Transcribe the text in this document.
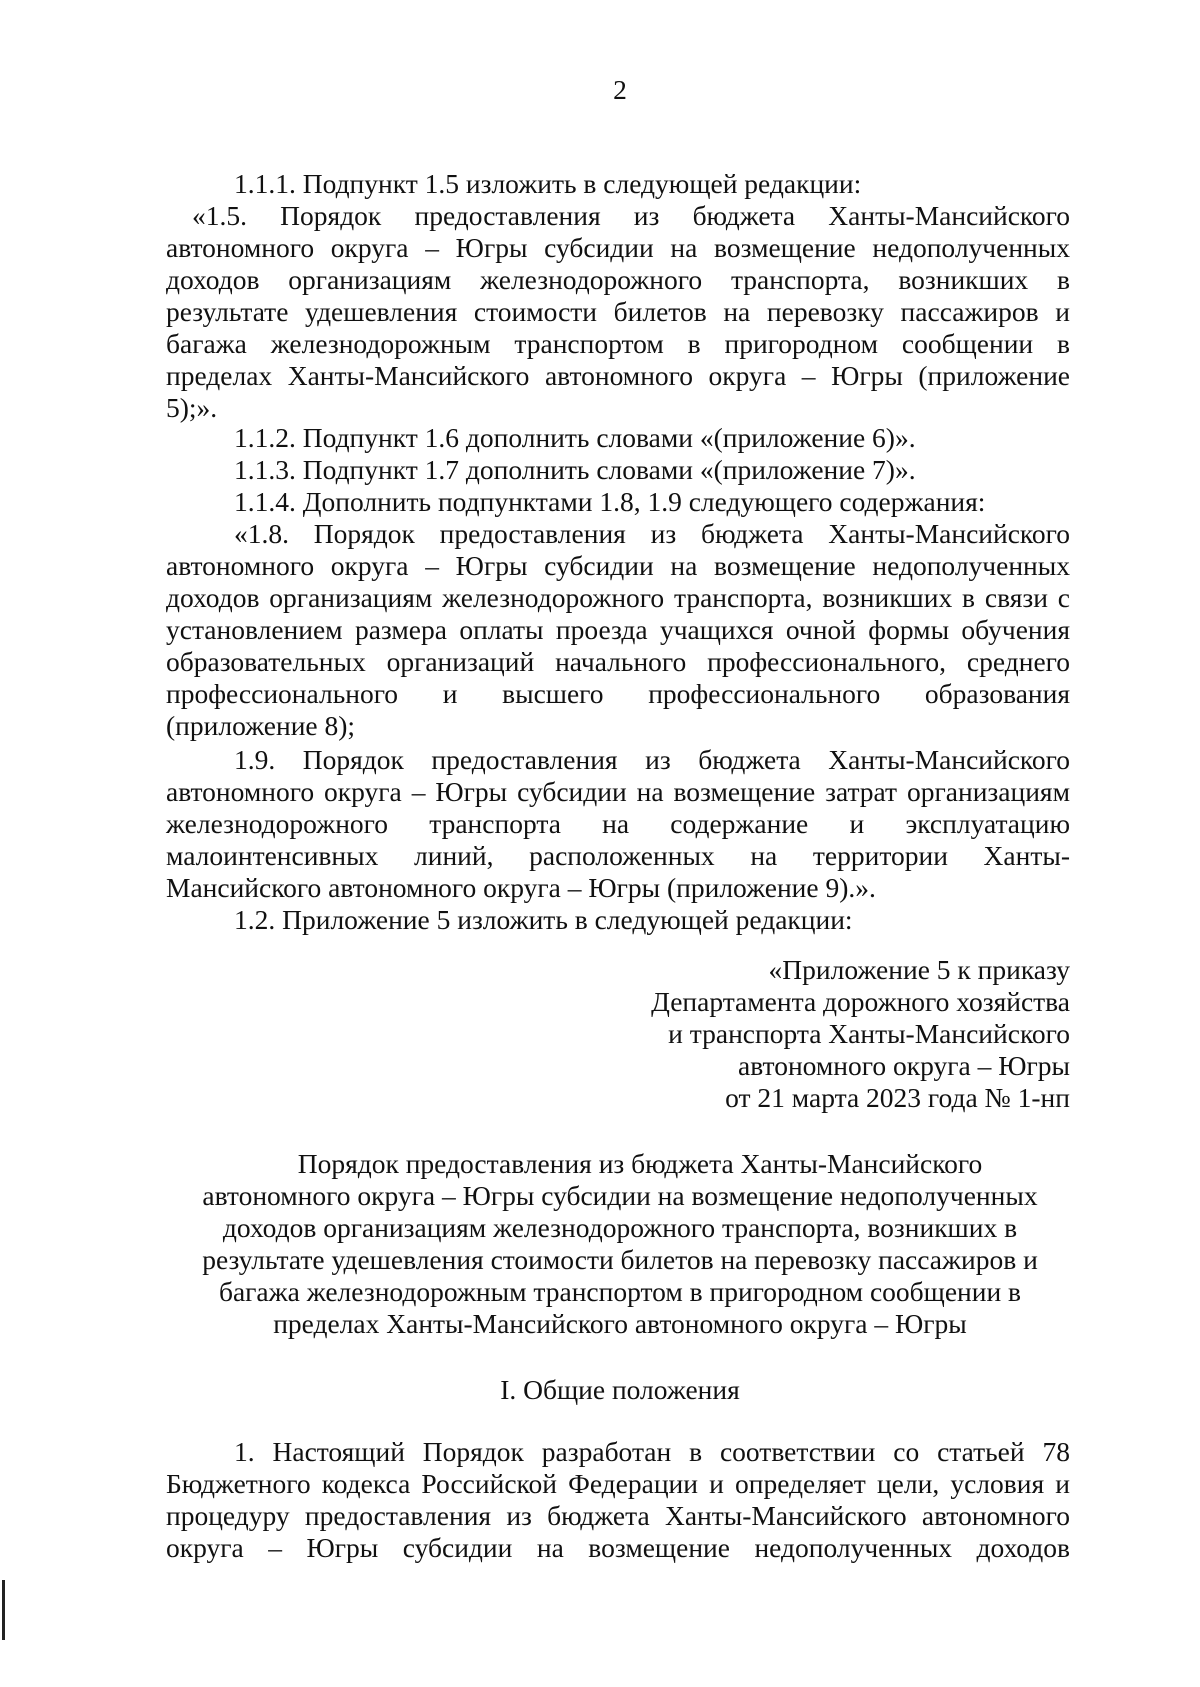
2
1.1.1. Подпункт 1.5 изложить в следующей редакции:
«1.5. Порядок предоставления из бюджета Ханты-Мансийского
автономного округа – Югры субсидии на возмещение недополученных
доходов организациям железнодорожного транспорта, возникших в
результате удешевления стоимости билетов на перевозку пассажиров и
багажа железнодорожным транспортом в пригородном сообщении в
пределах Ханты-Мансийского автономного округа – Югры (приложение
5);».
1.1.2. Подпункт 1.6 дополнить словами «(приложение 6)».
1.1.3. Подпункт 1.7 дополнить словами «(приложение 7)».
1.1.4. Дополнить подпунктами 1.8, 1.9 следующего содержания:
«1.8. Порядок предоставления из бюджета Ханты-Мансийского
автономного округа – Югры субсидии на возмещение недополученных
доходов организациям железнодорожного транспорта, возникших в связи с
установлением размера оплаты проезда учащихся очной формы обучения
образовательных организаций начального профессионального, среднего
профессионального и высшего профессионального образования
(приложение 8);
1.9. Порядок предоставления из бюджета Ханты-Мансийского
автономного округа – Югры субсидии на возмещение затрат организациям
железнодорожного транспорта на содержание и эксплуатацию
малоинтенсивных линий, расположенных на территории Ханты-
Мансийского автономного округа – Югры (приложение 9).».
1.2. Приложение 5 изложить в следующей редакции:
«Приложение 5 к приказу
Департамента дорожного хозяйства
и транспорта Ханты-Мансийского
автономного округа – Югры
от 21 марта 2023 года № 1-нп
Порядок предоставления из бюджета Ханты-Мансийского
автономного округа – Югры субсидии на возмещение недополученных
доходов организациям железнодорожного транспорта, возникших в
результате удешевления стоимости билетов на перевозку пассажиров и
багажа железнодорожным транспортом в пригородном сообщении в
пределах Ханты-Мансийского автономного округа – Югры
I. Общие положения
1. Настоящий Порядок разработан в соответствии со статьей 78
Бюджетного кодекса Российской Федерации и определяет цели, условия и
процедуру предоставления из бюджета Ханты-Мансийского автономного
округа – Югры субсидии на возмещение недополученных доходов
